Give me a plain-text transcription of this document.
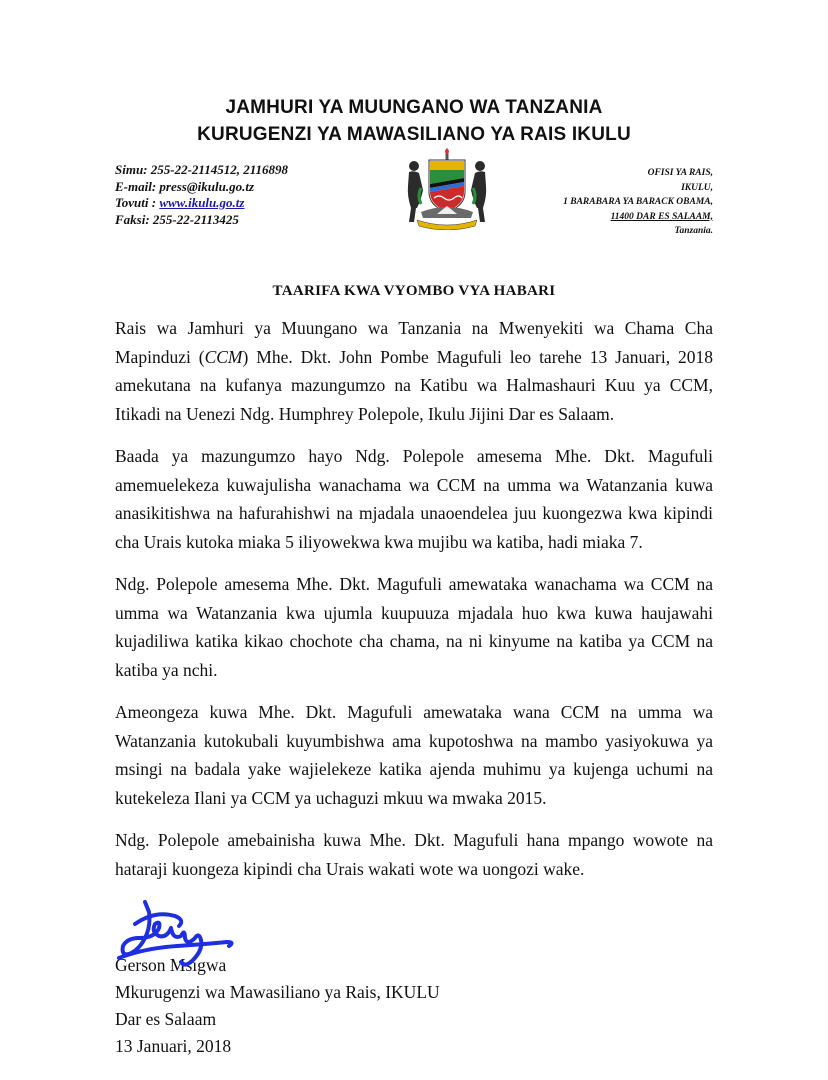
JAMHURI YA MUUNGANO WA TANZANIA
KURUGENZI YA MAWASILIANO YA RAIS IKULU
Simu: 255-22-2114512, 2116898
E-mail: press@ikulu.go.tz
Tovuti : www.ikulu.go.tz
Faksi: 255-22-2113425
OFISI YA RAIS,
IKULU,
1 BARABARA YA BARACK OBAMA,
11400 DAR ES SALAAM,
Tanzania.
TAARIFA KWA VYOMBO VYA HABARI

Rais wa Jamhuri ya Muungano wa Tanzania na Mwenyekiti wa Chama Cha Mapinduzi (CCM) Mhe. Dkt. John Pombe Magufuli leo tarehe 13 Januari, 2018 amekutana na kufanya mazungumzo na Katibu wa Halmashauri Kuu ya CCM, Itikadi na Uenezi Ndg. Humphrey Polepole, Ikulu Jijini Dar es Salaam.

Baada ya mazungumzo hayo Ndg. Polepole amesema Mhe. Dkt. Magufuli amemuelekeza kuwajulisha wanachama wa CCM na umma wa Watanzania kuwa anasikitishwa na hafurahishwi na mjadala unaoendelea juu kuongezwa kwa kipindi cha Urais kutoka miaka 5 iliyowekwa kwa mujibu wa katiba, hadi miaka 7.

Ndg. Polepole amesema Mhe. Dkt. Magufuli amewataka wanachama wa CCM na umma wa Watanzania kwa ujumla kuupuuza mjadala huo kwa kuwa haujawahi kujadiliwa katika kikao chochote cha chama, na ni kinyume na katiba ya CCM na katiba ya nchi.

Ameongeza kuwa Mhe. Dkt. Magufuli amewataka wana CCM na umma wa Watanzania kutokubali kuyumbishwa ama kupotoshwa na mambo yasiyokuwa ya msingi na badala yake wajielekeze katika ajenda muhimu ya kujenga uchumi na kutekeleza Ilani ya CCM ya uchaguzi mkuu wa mwaka 2015.

Ndg. Polepole amebainisha kuwa Mhe. Dkt. Magufuli hana mpango wowote na hataraji kuongeza kipindi cha Urais wakati wote wa uongozi wake.

Gerson Msigwa
Mkurugenzi wa Mawasiliano ya Rais, IKULU
Dar es Salaam
13 Januari, 2018
